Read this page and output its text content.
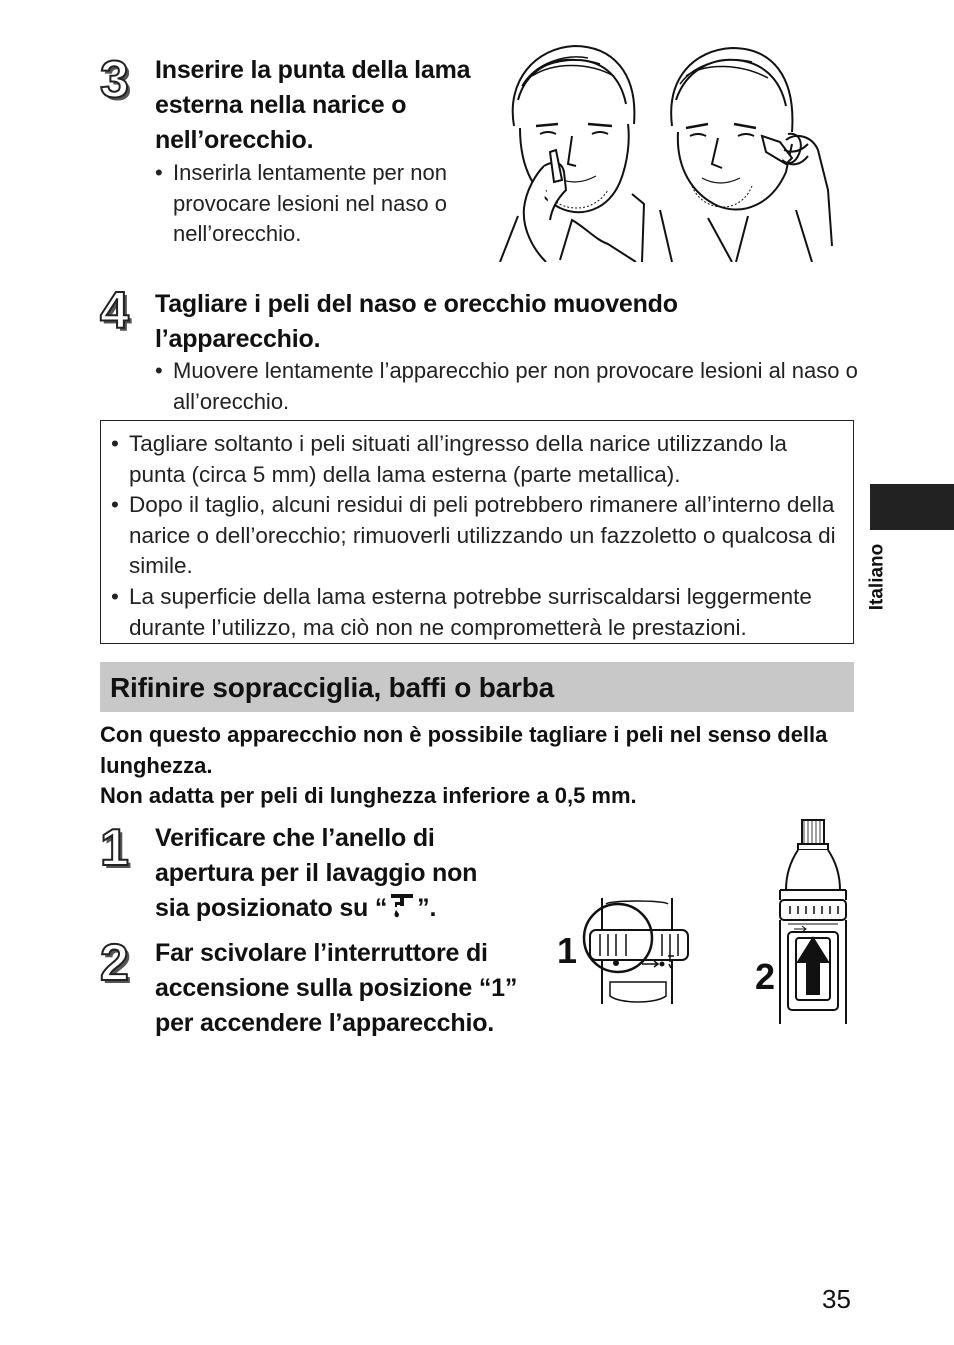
Italiano
3 Inserire la punta della lama esterna nella narice o nell’orecchio.
• Inserirla lentamente per non provocare lesioni nel naso o nell’orecchio.
4 Tagliare i peli del naso e orecchio muovendo l’apparecchio.
• Muovere lentamente l’apparecchio per non provocare lesioni al naso o all’orecchio.
• Tagliare soltanto i peli situati all’ingresso della narice utilizzando la punta (circa 5 mm) della lama esterna (parte metallica).
• Dopo il taglio, alcuni residui di peli potrebbero rimanere all’interno della narice o dell’orecchio; rimuoverli utilizzando un fazzoletto o qualcosa di simile.
• La superficie della lama esterna potrebbe surriscaldarsi leggermente durante l’utilizzo, ma ciò non ne comprometterà le prestazioni.
Rifinire sopracciglia, baffi o barba
Con questo apparecchio non è possibile tagliare i peli nel senso della lunghezza.
Non adatta per peli di lunghezza inferiore a 0,5 mm.
1 Verificare che l’anello di apertura per il lavaggio non sia posizionato su “ ”.
2 Far scivolare l’interruttore di accensione sulla posizione “1” per accendere l’apparecchio.
1
2
35
